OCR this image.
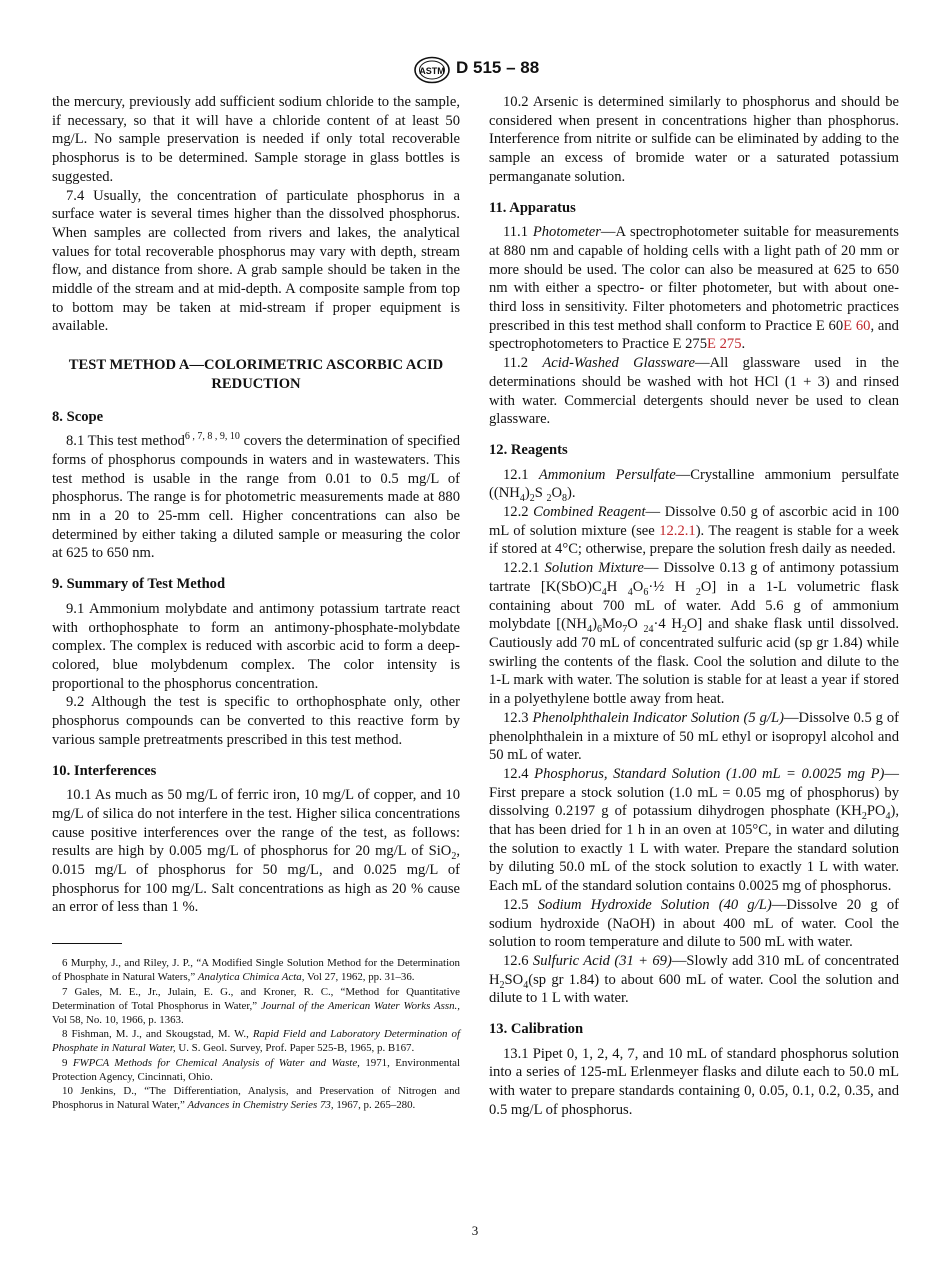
ASTM D 515 – 88

the mercury, previously add sufficient sodium chloride to the sample, if necessary, so that it will have a chloride content of at least 50 mg/L. No sample preservation is needed if only total recoverable phosphorus is to be determined. Sample storage in glass bottles is suggested.

7.4 Usually, the concentration of particulate phosphorus in a surface water is several times higher than the dissolved phosphorus. When samples are collected from rivers and lakes, the analytical values for total recoverable phosphorus may vary with depth, stream flow, and distance from shore. A grab sample should be taken in the middle of the stream and at mid-depth. A composite sample from top to bottom may be taken at mid-stream if proper equipment is available.

TEST METHOD A—COLORIMETRIC ASCORBIC ACID REDUCTION

8. Scope

8.1 This test method$^{6 , 7, 8 , 9, 10}$ covers the determination of specified forms of phosphorus compounds in waters and in wastewaters. This test method is usable in the range from 0.01 to 0.5 mg/L of phosphorus. The range is for photometric measurements made at 880 nm in a 20 to 25-mm cell. Higher concentrations can also be determined by either taking a diluted sample or measuring the color at 625 to 650 nm.

9. Summary of Test Method

9.1 Ammonium molybdate and antimony potassium tartrate react with orthophosphate to form an antimony-phosphate-molybdate complex. The complex is reduced with ascorbic acid to form a deep-colored, blue molybdenum complex. The color intensity is proportional to the phosphorus concentration.

9.2 Although the test is specific to orthophosphate only, other phosphorus compounds can be converted to this reactive form by various sample pretreatments prescribed in this test method.

10. Interferences

10.1 As much as 50 mg/L of ferric iron, 10 mg/L of copper, and 10 mg/L of silica do not interfere in the test. Higher silica concentrations cause positive interferences over the range of the test, as follows: results are high by 0.005 mg/L of phosphorus for 20 mg/L of SiO$_2$, 0.015 mg/L of phosphorus for 50 mg/L, and 0.025 mg/L of phosphorus for 100 mg/L. Salt concentrations as high as 20 % cause an error of less than 1 %.

6 Murphy, J., and Riley, J. P., “A Modified Single Solution Method for the Determination of Phosphate in Natural Waters,” Analytica Chimica Acta, Vol 27, 1962, pp. 31–36.

7 Gales, M. E., Jr., Julain, E. G., and Kroner, R. C., “Method for Quantitative Determination of Total Phosphorus in Water,” Journal of the American Water Works Assn., Vol 58, No. 10, 1966, p. 1363.

8 Fishman, M. J., and Skougstad, M. W., Rapid Field and Laboratory Determination of Phosphate in Natural Water, U. S. Geol. Survey, Prof. Paper 525-B, 1965, p. B167.

9 FWPCA Methods for Chemical Analysis of Water and Waste, 1971, Environmental Protection Agency, Cincinnati, Ohio.

10 Jenkins, D., “The Differentiation, Analysis, and Preservation of Nitrogen and Phosphorus in Natural Water,” Advances in Chemistry Series 73, 1967, p. 265–280.

10.2 Arsenic is determined similarly to phosphorus and should be considered when present in concentrations higher than phosphorus. Interference from nitrite or sulfide can be eliminated by adding to the sample an excess of bromide water or a saturated potassium permanganate solution.

11. Apparatus

11.1 Photometer—A spectrophotometer suitable for measurements at 880 nm and capable of holding cells with a light path of 20 mm or more should be used. The color can also be measured at 625 to 650 nm with either a spectro- or filter photometer, but with about one-third loss in sensitivity. Filter photometers and photometric practices prescribed in this test method shall conform to Practice E 60E 60, and spectrophotometers to Practice E 275E 275.

11.2 Acid-Washed Glassware—All glassware used in the determinations should be washed with hot HCl (1 + 3) and rinsed with water. Commercial detergents should never be used to clean glassware.

12. Reagents

12.1 Ammonium Persulfate—Crystalline ammonium persulfate ($(NH_4)_2S$ $_2O_8$).

12.2 Combined Reagent— Dissolve 0.50 g of ascorbic acid in 100 mL of solution mixture (see 12.2.1). The reagent is stable for a week if stored at 4°C; otherwise, prepare the solution fresh daily as needed.

12.2.1 Solution Mixture— Dissolve 0.13 g of antimony potassium tartrate [$K(SbO)C_4H$ $_4O_6\cdot\frac{1}{2}$ H $_2$O] in a 1-L volumetric flask containing about 700 mL of water. Add 5.6 g of ammonium molybdate [$(NH_4)_6Mo_7O$ $_{24}$·4 $H_2O$] and shake flask until dissolved. Cautiously add 70 mL of concentrated sulfuric acid (sp gr 1.84) while swirling the contents of the flask. Cool the solution and dilute to the 1-L mark with water. The solution is stable for at least a year if stored in a polyethylene bottle away from heat.

12.3 Phenolphthalein Indicator Solution (5 g/L)—Dissolve 0.5 g of phenolphthalein in a mixture of 50 mL ethyl or isopropyl alcohol and 50 mL of water.

12.4 Phosphorus, Standard Solution (1.00 mL = 0.0025 mg P)—First prepare a stock solution (1.0 mL = 0.05 mg of phosphorus) by dissolving 0.2197 g of potassium dihydrogen phosphate $(KH_2PO_4)$, that has been dried for 1 h in an oven at 105°C, in water and diluting the solution to exactly 1 L with water. Prepare the standard solution by diluting 50.0 mL of the stock solution to exactly 1 L with water. Each mL of the standard solution contains 0.0025 mg of phosphorus.

12.5 Sodium Hydroxide Solution (40 g/L)—Dissolve 20 g of sodium hydroxide (NaOH) in about 400 mL of water. Cool the solution to room temperature and dilute to 500 mL with water.

12.6 Sulfuric Acid (31 + 69)—Slowly add 310 mL of concentrated $H_2SO_4(sp$ gr 1.84) to about 600 mL of water. Cool the solution and dilute to 1 L with water.

13. Calibration

13.1 Pipet 0, 1, 2, 4, 7, and 10 mL of standard phosphorus solution into a series of 125-mL Erlenmeyer flasks and dilute each to 50.0 mL with water to prepare standards containing 0, 0.05, 0.1, 0.2, 0.35, and 0.5 mg/L of phosphorus.

3
